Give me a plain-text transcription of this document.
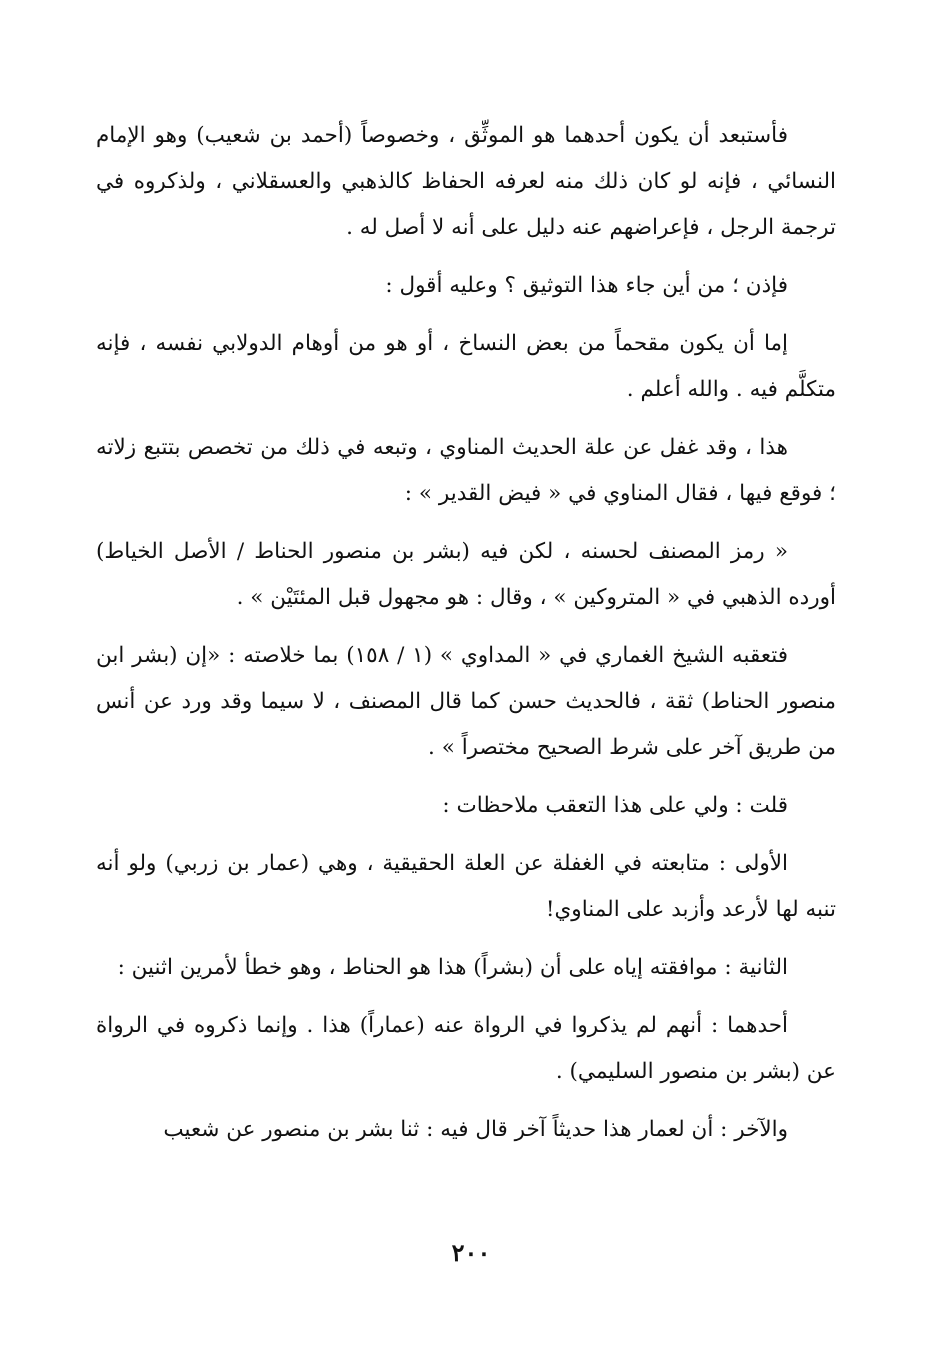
فأستبعد أن يكون أحدهما هو الموثِّق ، وخصوصاً (أحمد بن شعيب) وهو الإمام النسائي ، فإنه لو كان ذلك منه لعرفه الحفاظ كالذهبي والعسقلاني ، ولذكروه في ترجمة الرجل ، فإعراضهم عنه دليل على أنه لا أصل له .

فإذن ؛ من أين جاء هذا التوثيق ؟ وعليه أقول :

إما أن يكون مقحماً من بعض النساخ ، أو هو من أوهام الدولابي نفسه ، فإنه متكلَّم فيه . والله أعلم .

هذا ، وقد غفل عن علة الحديث المناوي ، وتبعه في ذلك من تخصص بتتبع زلاته ؛ فوقع فيها ، فقال المناوي في « فيض القدير » :

« رمز المصنف لحسنه ، لكن فيه (بشر بن منصور الحناط / الأصل الخياط) أورده الذهبي في « المتروكين » ، وقال : هو مجهول قبل المئتَيْن » .

فتعقبه الشيخ الغماري في « المداوي » (١ / ١٥٨) بما خلاصته : «إن (بشر ابن منصور الحناط) ثقة ، فالحديث حسن كما قال المصنف ، لا سيما وقد ورد عن أنس من طريق آخر على شرط الصحيح مختصراً » .

قلت : ولي على هذا التعقب ملاحظات :

الأولى : متابعته في الغفلة عن العلة الحقيقية ، وهي (عمار بن زربي) ولو أنه تنبه لها لأرعد وأزبد على المناوي!

الثانية : موافقته إياه على أن (بشراً) هذا هو الحناط ، وهو خطأ لأمرين اثنين :

أحدهما : أنهم لم يذكروا في الرواة عنه (عماراً) هذا . وإنما ذكروه في الرواة عن (بشر بن منصور السليمي) .

والآخر : أن لعمار هذا حديثاً آخر قال فيه : ثنا بشر بن منصور عن شعيب

٢٠٠
